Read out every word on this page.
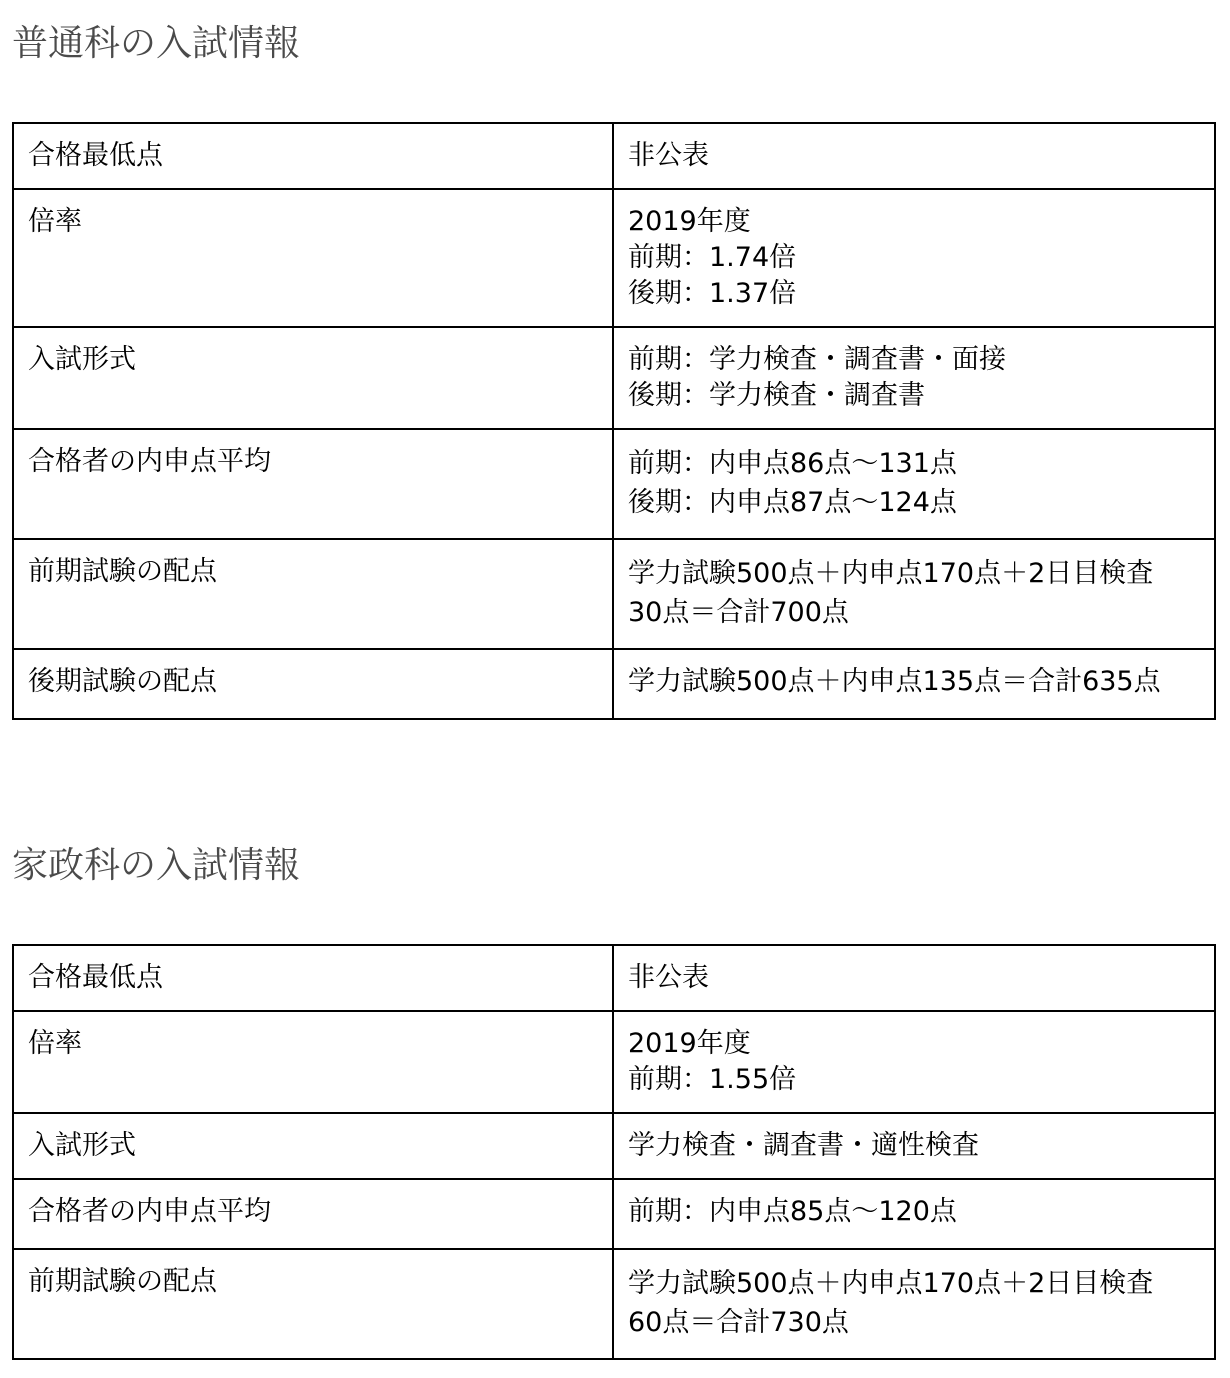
普通科の入試情報
合格最低点	非公表

倍率	2019年度
前期：1.74倍
後期：1.37倍

入試形式	前期：学力検査・調査書・面接
後期：学力検査・調査書

合格者の内申点平均	前期：内申点86点〜131点
後期：内申点87点〜124点

前期試験の配点	学力試験500点＋内申点170点＋2日目検査
30点＝合計700点

後期試験の配点	学力試験500点＋内申点135点＝合計635点
家政科の入試情報
合格最低点	非公表

倍率	2019年度
前期：1.55倍

入試形式	学力検査・調査書・適性検査

合格者の内申点平均	前期：内申点85点〜120点

前期試験の配点	学力試験500点＋内申点170点＋2日目検査
60点＝合計730点
